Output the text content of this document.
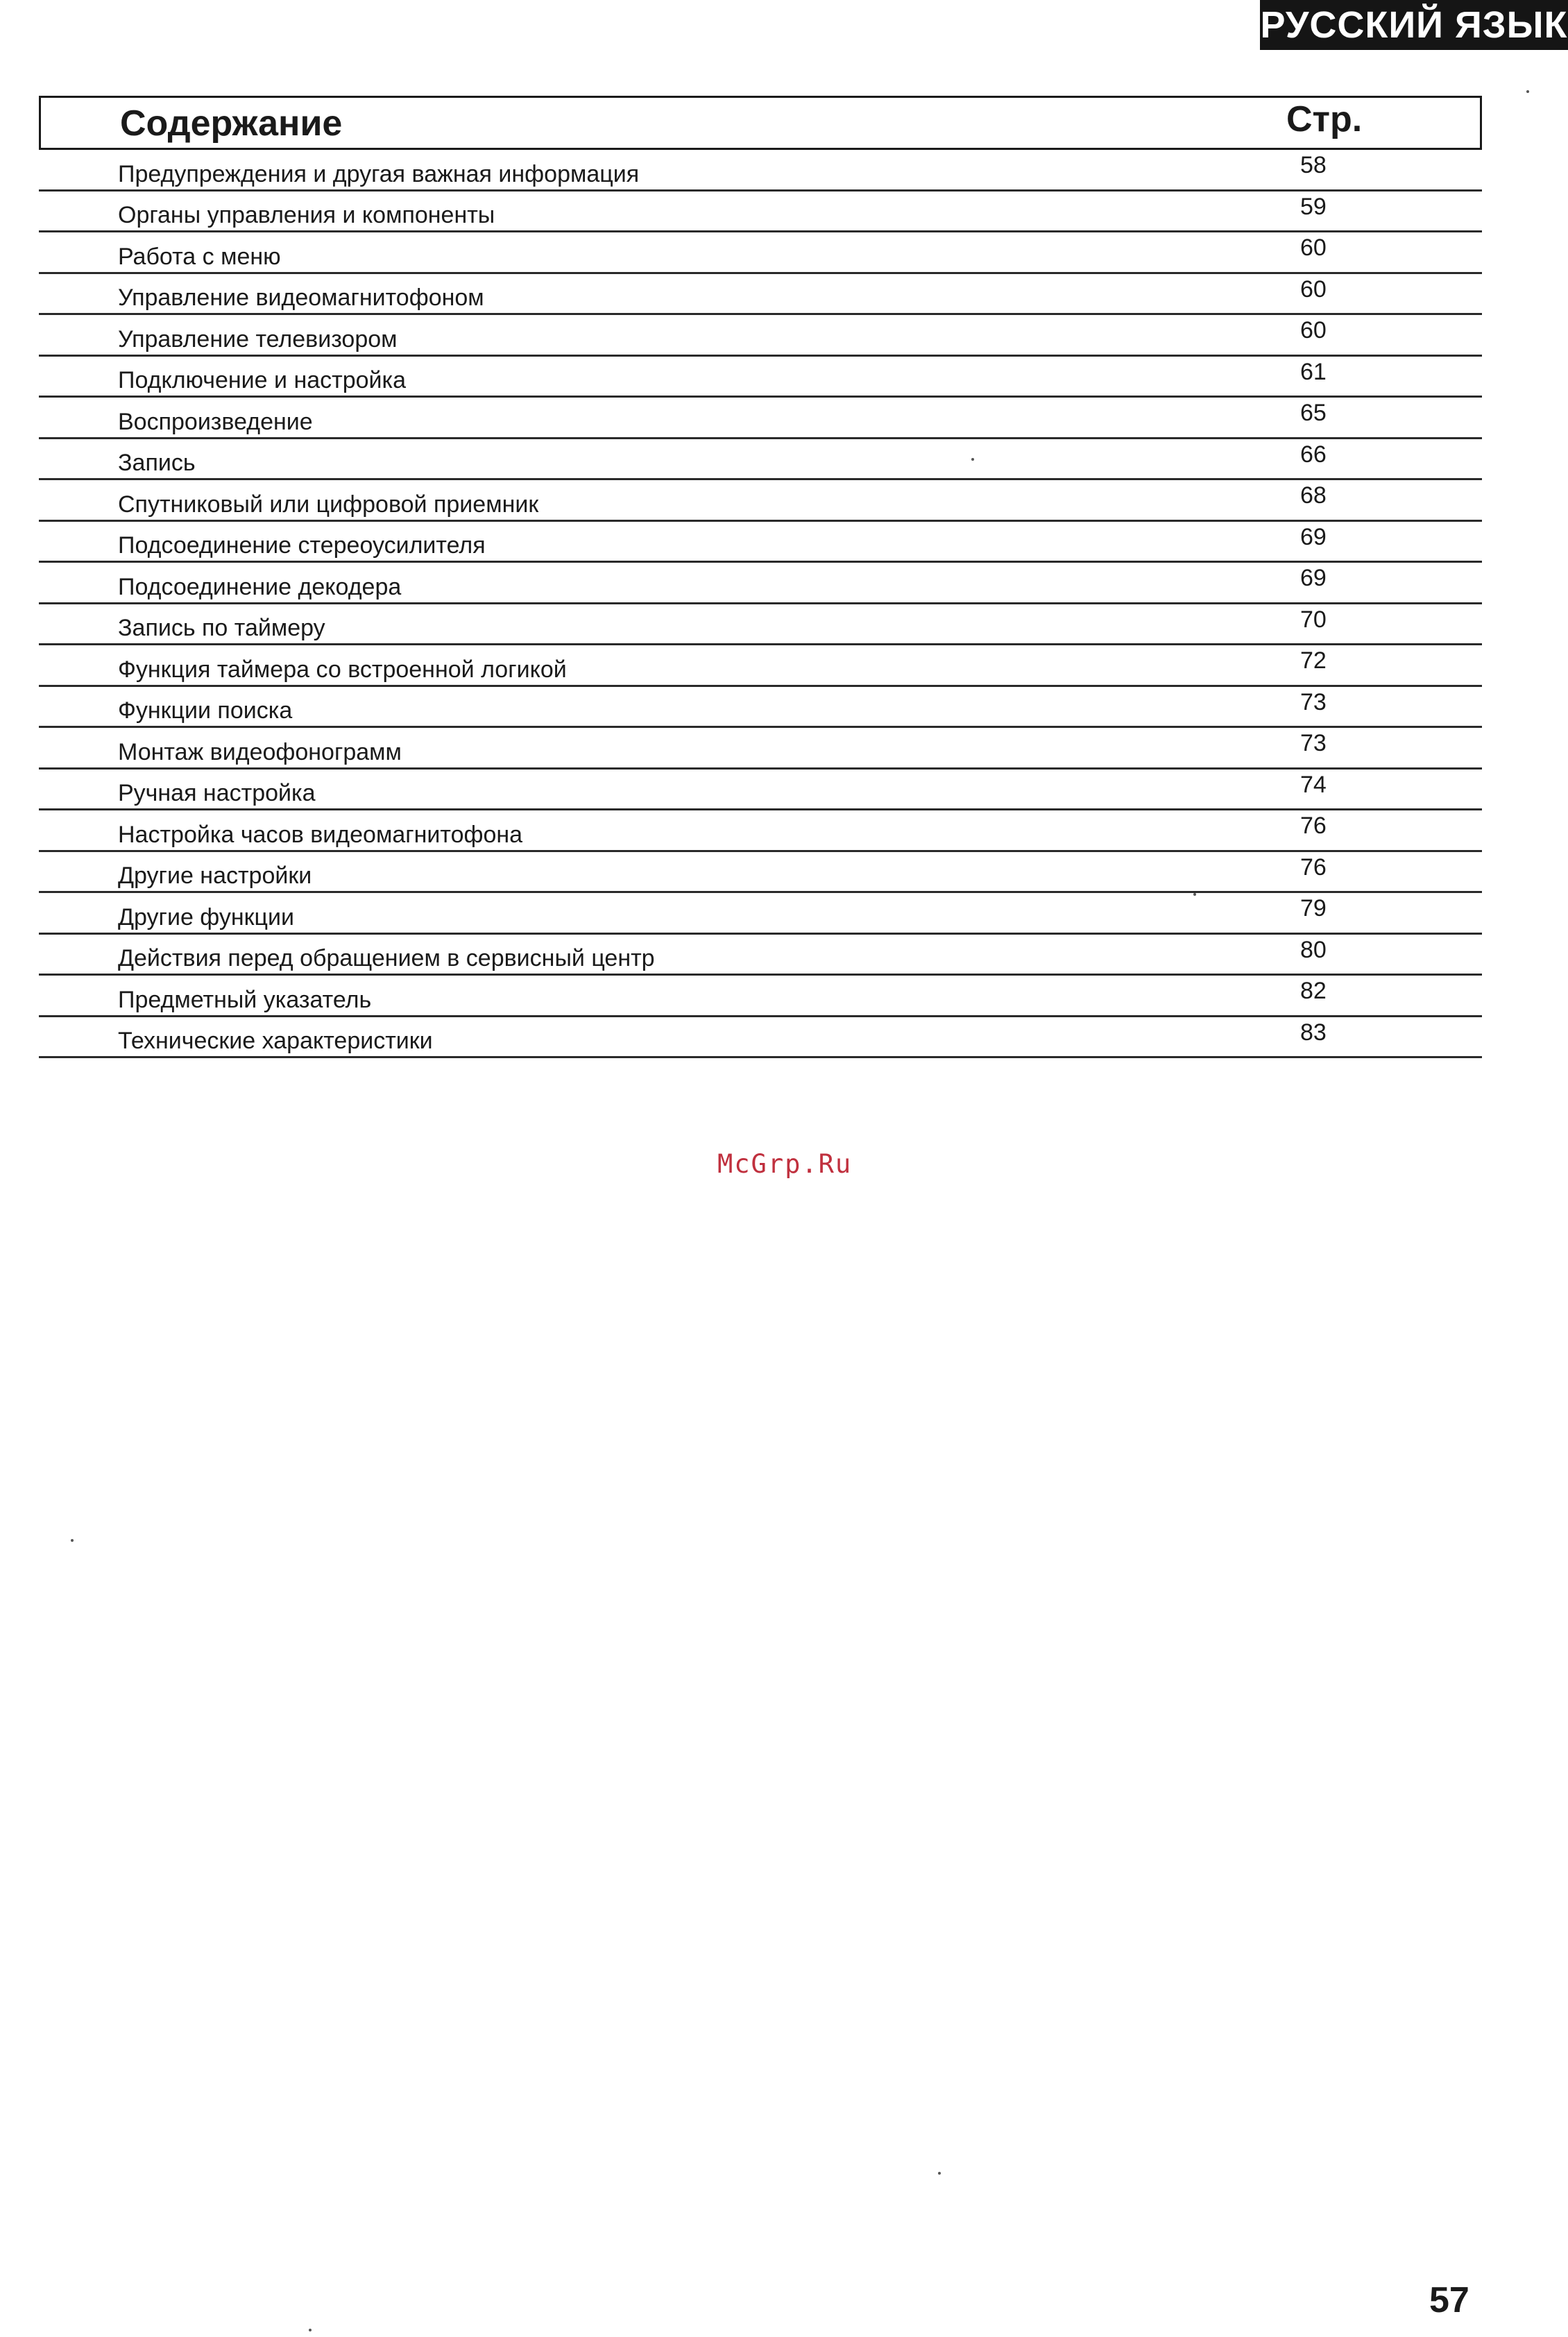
РУССКИЙ ЯЗЫК
Содержание	Стр.
Предупреждения и другая важная информация	58
Органы управления и компоненты	59
Работа с меню	60
Управление видеомагнитофоном	60
Управление телевизором	60
Подключение и настройка	61
Воспроизведение	65
Запись	66
Спутниковый или цифровой приемник	68
Подсоединение стереоусилителя	69
Подсоединение декодера	69
Запись по таймеру	70
Функция таймера со встроенной логикой	72
Функции поиска	73
Монтаж видеофонограмм	73
Ручная настройка	74
Настройка часов видеомагнитофона	76
Другие настройки	76
Другие функции	79
Действия перед обращением в сервисный центр	80
Предметный указатель	82
Технические характеристики	83
McGrp.Ru
57
